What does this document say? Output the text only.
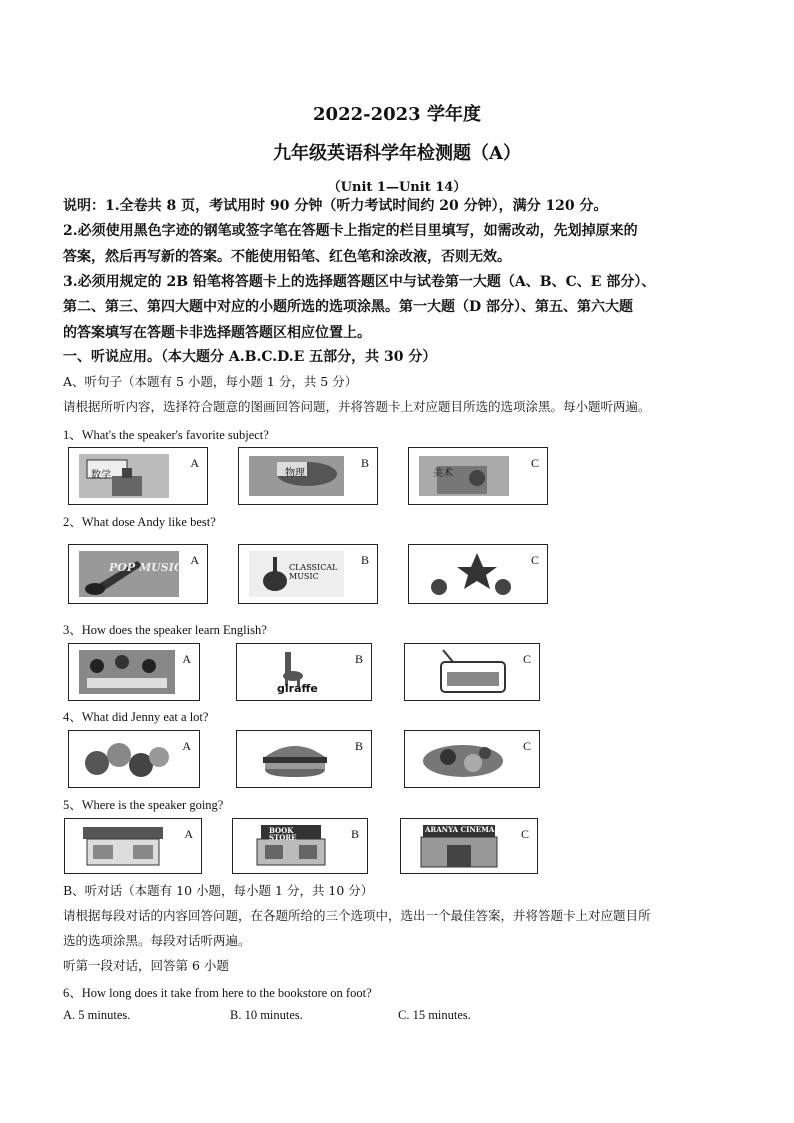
2022-2023 学年度
九年级英语科学年检测题（A）
（Unit 1—Unit 14）
说明：1.全卷共 8 页，考试用时 90 分钟（听力考试时间约 20 分钟），满分 120 分。
2.必须使用黑色字迹的钢笔或签字笔在答题卡上指定的栏目里填写，如需改动，先划掉原来的
答案，然后再写新的答案。不能使用铅笔、红色笔和涂改液，否则无效。
3.必须用规定的 2B 铅笔将答题卡上的选择题答题区中与试卷第一大题（A、B、C、E 部分）、
第二、第三、第四大题中对应的小题所选的选项涂黑。第一大题（D 部分）、第五、第六大题
的答案填写在答题卡非选择题答题区相应位置上。
一、听说应用。（本大题分 A.B.C.D.E 五部分，共 30 分）
A、听句子（本题有 5 小题，每小题 1 分，共 5 分）
请根据所听内容，选择符合题意的图画回答问题，并将答题卡上对应题目所选的选项涂黑。每小题听两遍。
1、What's the speaker's favorite subject?
数学
A
物理
B
美术
C
2、What dose Andy like best?
POP MUSIC
A
CLASSICAL MUSIC
B	C
3、How does the speaker learn English?
A
giraffe
B	C
4、What did Jenny eat a lot?
A	B	C
5、Where is the speaker going?
A	BOOK STORE	B	ARANYA CINEMA C
B、听对话（本题有 10 小题，每小题 1 分，共 10 分）
请根据每段对话的内容回答问题，在各题所给的三个选项中，选出一个最佳答案，并将答题卡上对应题目所
选的选项涂黑。每段对话听两遍。
听第一段对话，回答第 6 小题
6、How long does it take from here to the bookstore on foot?
A. 5 minutes.	B. 10 minutes.	C. 15 minutes.
